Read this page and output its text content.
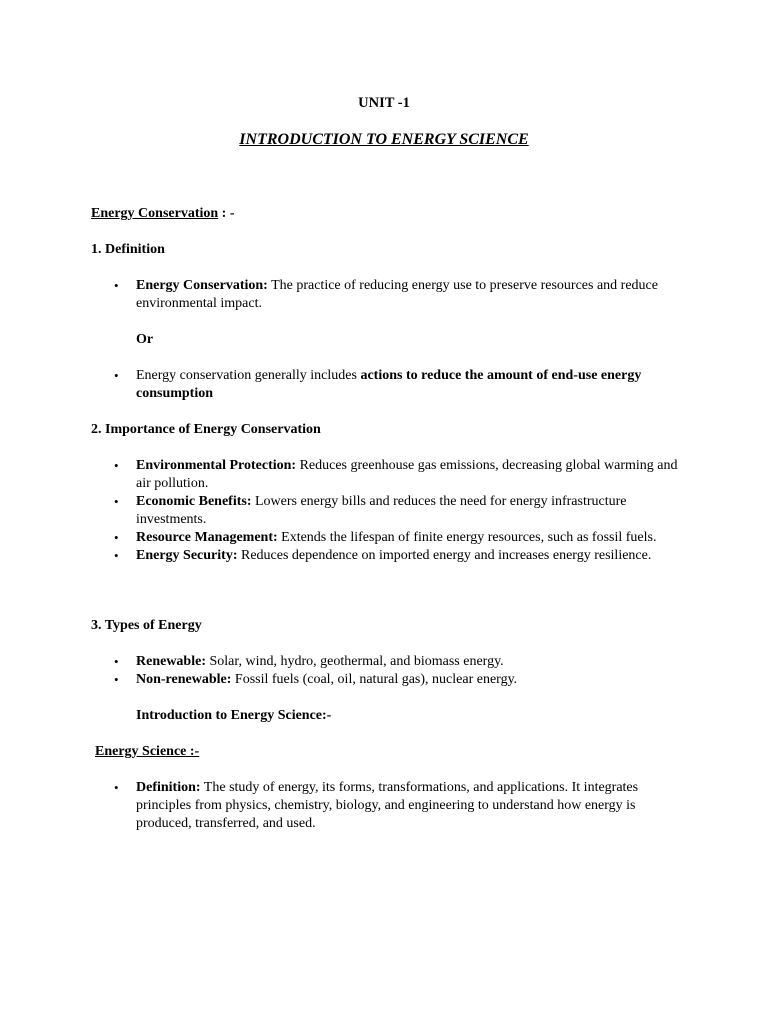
UNIT -1
INTRODUCTION TO ENERGY SCIENCE
Energy Conservation : -
1. Definition
• Energy Conservation: The practice of reducing energy use to preserve resources and reduce environmental impact.
Or
• Energy conservation generally includes actions to reduce the amount of end-use energy consumption
2. Importance of Energy Conservation
• Environmental Protection: Reduces greenhouse gas emissions, decreasing global warming and air pollution.
• Economic Benefits: Lowers energy bills and reduces the need for energy infrastructure investments.
• Resource Management: Extends the lifespan of finite energy resources, such as fossil fuels.
• Energy Security: Reduces dependence on imported energy and increases energy resilience.
3. Types of Energy
• Renewable: Solar, wind, hydro, geothermal, and biomass energy.
• Non-renewable: Fossil fuels (coal, oil, natural gas), nuclear energy.
Introduction to Energy Science:-
Energy Science :-
• Definition: The study of energy, its forms, transformations, and applications. It integrates principles from physics, chemistry, biology, and engineering to understand how energy is produced, transferred, and used.
